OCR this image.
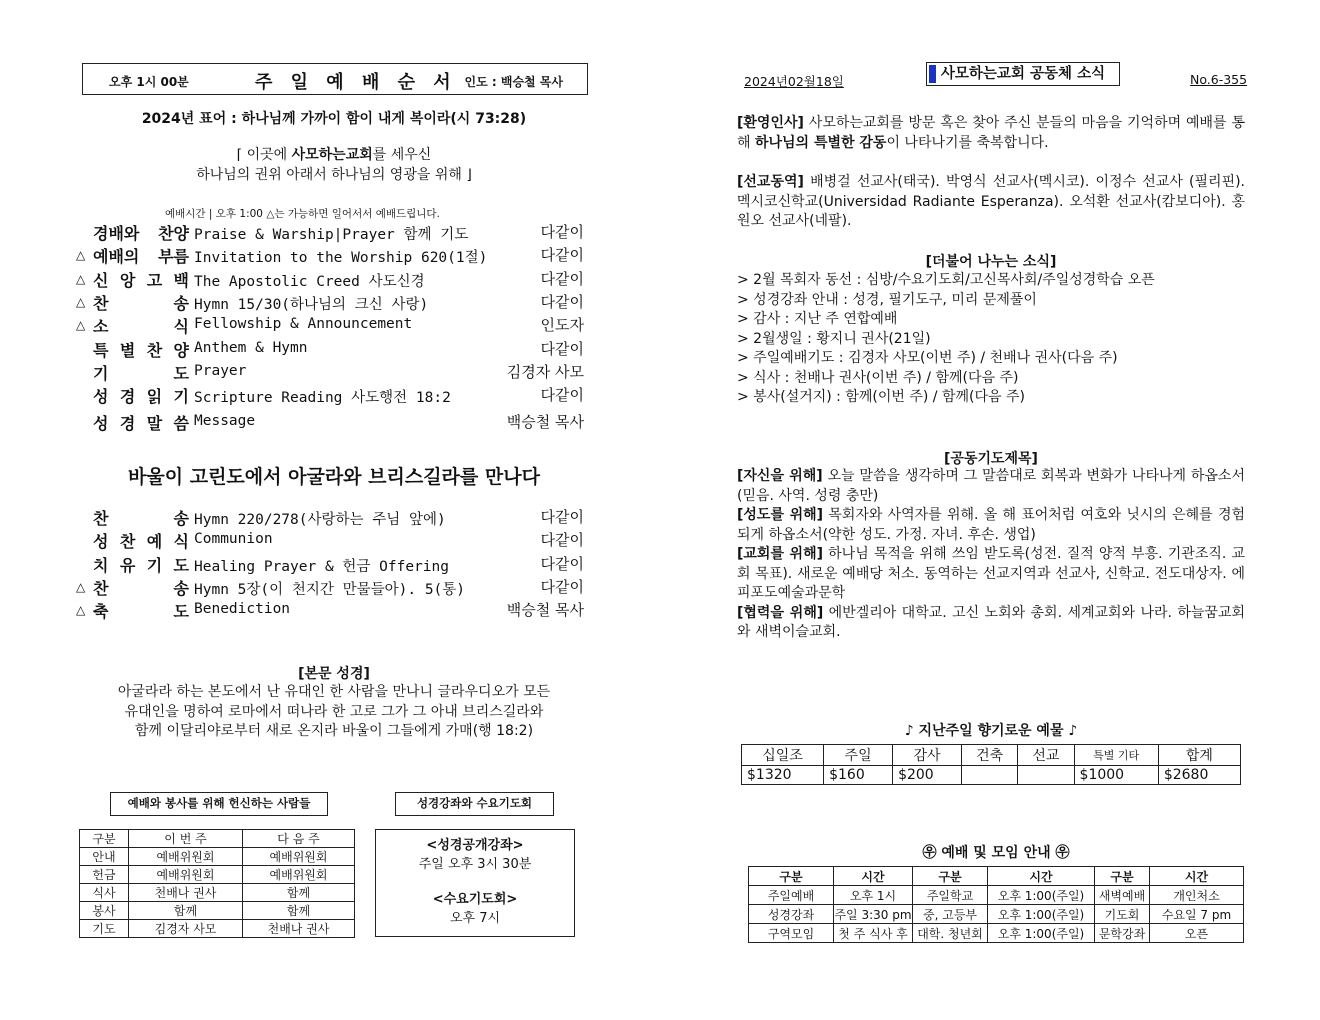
오후 1시 00분	주 일 예 배 순 서 인도 : 백승철 목사
2024년 표어 : 하나님께 가까이 함이 내게 복이라(시 73:28)
⌈ 이곳에 사모하는교회를 세우신
하나님의 권위 아래서 하나님의 영광을 위해 ⌋
예배시간 | 오후 1:00 △는 가능하면 일어서서 예배드립니다.
경배와 찬양 Praise & Warship|Prayer 함께 기도	다같이
△ 예배의 부름 Invitation to the Worship 620(1절)	다같이
△ 신 앙 고 백 The Apostolic Creed 사도신경	다같이
△ 찬	송 Hymn 15/30(하나님의 크신 사랑)	다같이
△ 소	식 Fellowship & Announcement	인도자
특 별 찬 양 Anthem & Hymn	다같이
기	도 Prayer	김경자 사모
성 경 읽 기 Scripture Reading 사도행전 18:2	다같이
성 경 말 씀 Message	백승철 목사
바울이 고린도에서 아굴라와 브리스길라를 만나다
찬	송 Hymn 220/278(사랑하는 주님 앞에)	다같이
성 찬 예 식 Communion	다같이
치 유 기 도 Healing Prayer & 헌금 Offering	다같이
△ 찬	송 Hymn 5장(이 천지간 만물들아). 5(통)	다같이
△ 축	도 Benediction	백승철 목사
[본문 성경]
아굴라라 하는 본도에서 난 유대인 한 사람을 만나니 글라우디오가 모든
유대인을 명하여 로마에서 떠나라 한 고로 그가 그 아내 브리스길라와
함께 이달리야로부터 새로 온지라 바울이 그들에게 가매(행 18:2)
예배와 봉사를 위해 헌신하는 사람들	성경강좌와 수요기도회
구분	이 번 주	다 음 주
안내	예배위원회	예배위원회
헌금	예배위원회	예배위원회
식사	천배나 권사	함께
봉사	함께	함께
기도	김경자 사모	천배나 권사
<성경공개강좌>
주일 오후 3시 30분
<수요기도회>
오후 7시
2024년02월18일	사모하는교회 공동체 소식	No.6-355
[환영인사] 사모하는교회를 방문 혹은 찾아 주신 분들의 마음을 기억하며 예배를 통해 하나님의 특별한 감동이 나타나기를 축복합니다.
[선교동역] 배병걸 선교사(태국). 박영식 선교사(멕시코). 이정수 선교사 (필리핀). 멕시코신학교(Universidad Radiante Esperanza). 오석환 선교사(캄보디아). 홍원오 선교사(네팔).
[더불어 나누는 소식]
> 2월 목회자 동선 : 심방/수요기도회/고신목사회/주일성경학습 오픈
> 성경강좌 안내 : 성경, 필기도구, 미리 문제풀이
> 감사 : 지난 주 연합예배
> 2월생일 : 황지니 권사(21일)
> 주일예배기도 : 김경자 사모(이번 주) / 천배나 권사(다음 주)
> 식사 : 천배나 권사(이번 주) / 함께(다음 주)
> 봉사(설거지) : 함께(이번 주) / 함께(다음 주)
[공동기도제목]
[자신을 위해] 오늘 말씀을 생각하며 그 말씀대로 회복과 변화가 나타나게 하옵소서(믿음. 사역. 성령 충만)
[성도를 위해] 목회자와 사역자를 위해. 올 해 표어처럼 여호와 닛시의 은혜를 경험되게 하옵소서(약한 성도. 가정. 자녀. 후손. 생업)
[교회를 위해] 하나님 목적을 위해 쓰임 받도록(성전. 질적 양적 부흥. 기관조직. 교회 목표). 새로운 예배당 처소. 동역하는 선교지역과 선교사, 신학교. 전도대상자. 에피포도예술과문학
[협력을 위해] 에반겔리아 대학교. 고신 노회와 총회. 세계교회와 나라. 하늘꿈교회와 새벽이슬교회.
♪ 지난주일 향기로운 예물 ♪
십일조	주일	감사	건축	선교	특별 기타	합계
$1320	$160	$200			$1000	$2680
㉾ 예배 및 모임 안내 ㉾
구분	시간	구분	시간	구분	시간
주일예배	오후 1시	주일학교	오후 1:00(주일)	새벽예배	개인처소
성경강좌	주일 3:30 pm	중, 고등부	오후 1:00(주일)	기도회	수요일 7 pm
구역모임	첫 주 식사 후	대학. 청년회	오후 1:00(주일)	문학강좌	오픈
